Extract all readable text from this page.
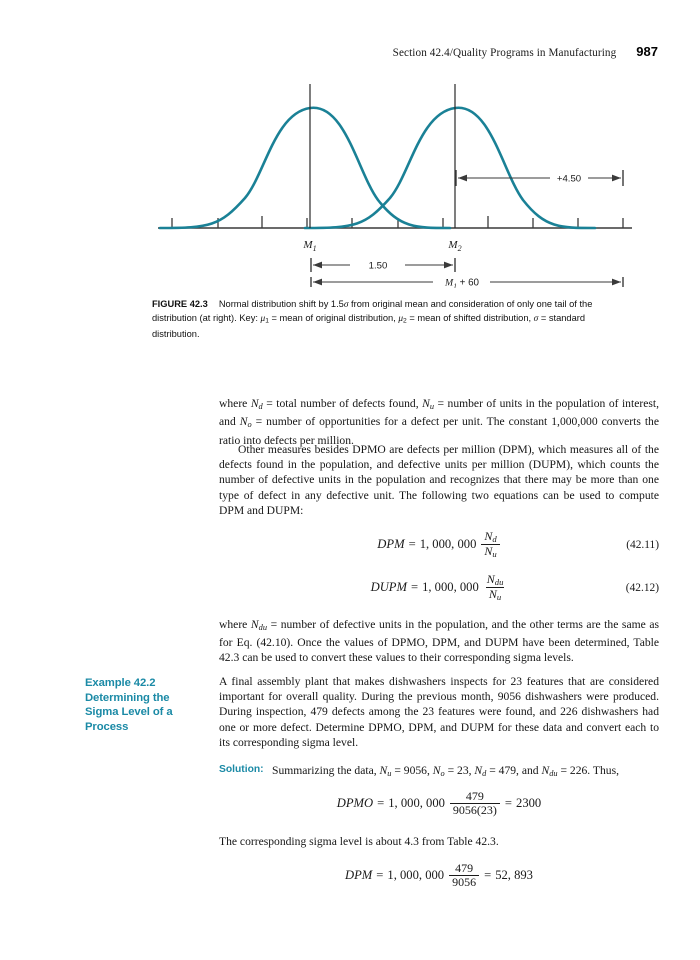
Section 42.4/Quality Programs in Manufacturing 987
$M_1$	$M_2$
+4.50
1.50
$M_1 + 60$
FIGURE 42.3 Normal distribution shift by 1.5σ from original mean and consideration of only one tail of the distribution (at right). Key: $\mu_1$ = mean of original distribution, $\mu_2$ = mean of shifted distribution, σ = standard distribution.

where $N_d$ = total number of defects found, $N_u$ = number of units in the population of interest, and $N_o$ = number of opportunities for a defect per unit. The constant 1,000,000 converts the ratio into defects per million.

Other measures besides DPMO are defects per million (DPM), which measures all of the defects found in the population, and defective units per million (DUPM), which counts the number of defective units in the population and recognizes that there may be more than one type of defect in any defective unit. The following two equations can be used to compute DPM and DUPM:

DPM = 1, 000, $000 \frac{N_d}{N_u}$	(42.11)
DUPM = 1, 000, $000 \frac{N_{du}}{N_u}$	(42.12)

where $N_{du}$ = number of defective units in the population, and the other terms are the same as for Eq. (42.10). Once the values of DPMO, DPM, and DUPM have been determined, Table 42.3 can be used to convert these values to their corresponding sigma levels.

Example 42.2
Determining the
Sigma Level of a
Process

A final assembly plant that makes dishwashers inspects for 23 features that are considered important for overall quality. During the previous month, 9056 dishwashers were produced. During inspection, 479 defects among the 23 features were found, and 226 dishwashers had one or more defect. Determine DPMO, DPM, and DUPM for these data and convert each to its corresponding sigma level.

Solution: Summarizing the data, $N_u = 9056$, $N_o = 23$, $N_d = 479$, and $N_{du} = 226$. Thus,
DPMO = 1, 000, $000 \frac{479}{9056(23)} = 2300$

The corresponding sigma level is about 4.3 from Table 42.3.

DPM = 1, 000, $000 \frac{479}{9056} = 52$, 893
